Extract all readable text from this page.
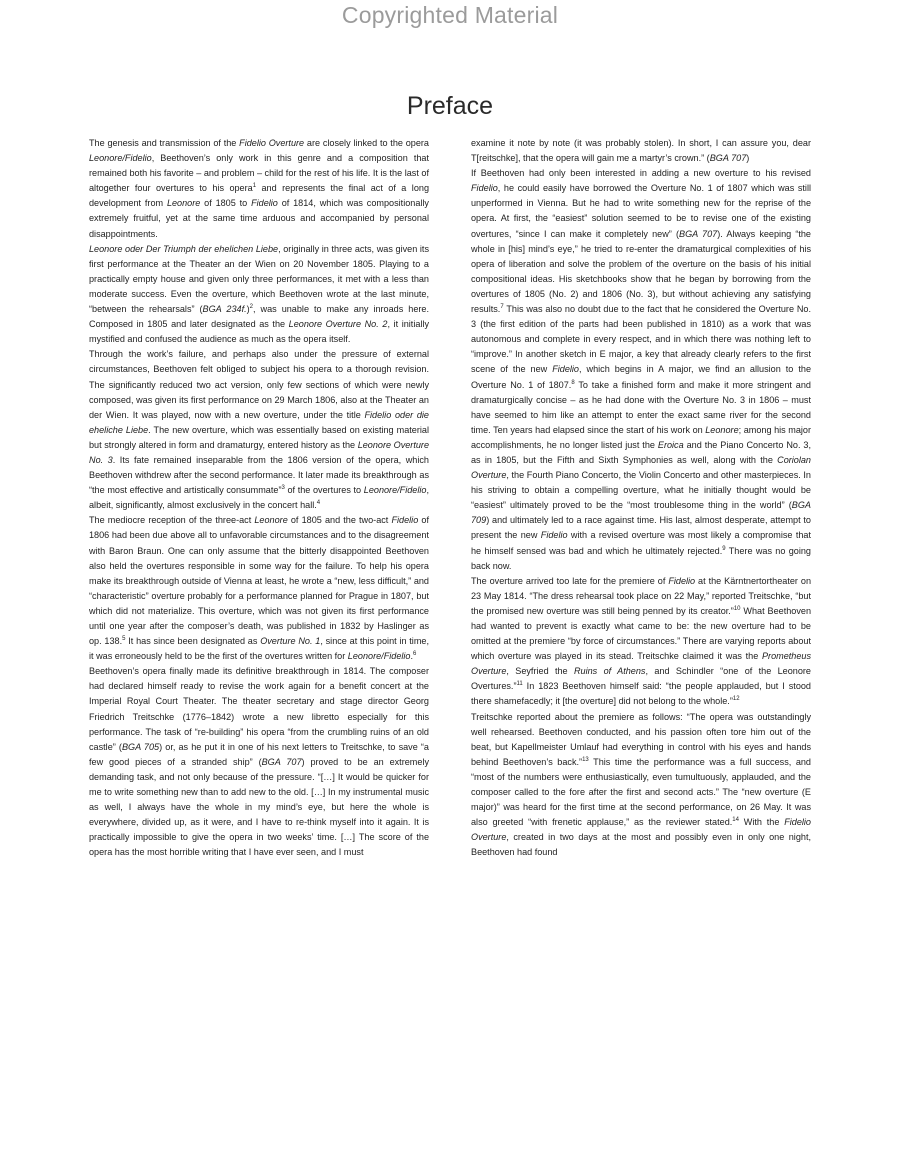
Copyrighted Material
Preface

The genesis and transmission of the Fidelio Overture are closely linked to the opera Leonore/Fidelio, Beethoven’s only work in this genre and a composition that remained both his favorite – and problem – child for the rest of his life. It is the last of altogether four overtures to his opera$^1$ and represents the final act of a long development from Leonore of 1805 to Fidelio of 1814, which was compositionally extremely fruitful, yet at the same time arduous and accompanied by personal disappointments.

Leonore oder Der Triumph der ehelichen Liebe, originally in three acts, was given its first performance at the Theater an der Wien on 20 November 1805. Playing to a practically empty house and given only three performances, it met with a less than moderate success. Even the overture, which Beethoven wrote at the last minute, “between the rehearsals” (BGA 234f.)$^2$, was unable to make any inroads here. Composed in 1805 and later designated as the Leonore Overture No. 2, it initially mystified and confused the audience as much as the opera itself.

Through the work’s failure, and perhaps also under the pressure of external circumstances, Beethoven felt obliged to subject his opera to a thorough revision. The significantly reduced two act version, only few sections of which were newly composed, was given its first performance on 29 March 1806, also at the Theater an der Wien. It was played, now with a new overture, under the title Fidelio oder die eheliche Liebe. The new overture, which was essentially based on existing material but strongly altered in form and dramaturgy, entered history as the Leonore Overture No. 3. Its fate remained inseparable from the 1806 version of the opera, which Beethoven withdrew after the second performance. It later made its breakthrough as “the most effective and artistically consummate”$^3$ of the overtures to Leonore/Fidelio, albeit, significantly, almost exclusively in the concert hall.$^4$

The mediocre reception of the three-act Leonore of 1805 and the two-act Fidelio of 1806 had been due above all to unfavorable circumstances and to the disagreement with Baron Braun. One can only assume that the bitterly disappointed Beethoven also held the overtures responsible in some way for the failure. To help his opera make its breakthrough outside of Vienna at least, he wrote a “new, less difficult,” and “characteristic” overture probably for a performance planned for Prague in 1807, but which did not materialize. This overture, which was not given its first performance until one year after the composer’s death, was published in 1832 by Haslinger as op. 138.$^5$ It has since been designated as Overture No. 1, since at this point in time, it was erroneously held to be the first of the overtures written for Leonore/Fidelio.$^6$

Beethoven’s opera finally made its definitive breakthrough in 1814. The composer had declared himself ready to revise the work again for a benefit concert at the Imperial Royal Court Theater. The theater secretary and stage director Georg Friedrich Treitschke (1776–1842) wrote a new libretto especially for this performance. The task of “re-building” his opera “from the crumbling ruins of an old castle” (BGA 705) or, as he put it in one of his next letters to Treitschke, to save “a few good pieces of a stranded ship” (BGA 707) proved to be an extremely demanding task, and not only because of the pressure. “[…] It would be quicker for me to write something new than to add new to the old. […] In my instrumental music as well, I always have the whole in my mind’s eye, but here the whole is everywhere, divided up, as it were, and I have to re-think myself into it again. It is practically impossible to give the opera in two weeks’ time. […] The score of the opera has the most horrible writing that I have ever seen, and I must

examine it note by note (it was probably stolen). In short, I can assure you, dear T[reitschke], that the opera will gain me a martyr’s crown.” (BGA 707)

If Beethoven had only been interested in adding a new overture to his revised Fidelio, he could easily have borrowed the Overture No. 1 of 1807 which was still unperformed in Vienna. But he had to write something new for the reprise of the opera. At first, the “easiest” solution seemed to be to revise one of the existing overtures, “since I can make it completely new” (BGA 707). Always keeping “the whole in [his] mind’s eye,” he tried to re-enter the dramaturgical complexities of his opera of liberation and solve the problem of the overture on the basis of his initial compositional ideas. His sketchbooks show that he began by borrowing from the overtures of 1805 (No. 2) and 1806 (No. 3), but without achieving any satisfying results.$^7$ This was also no doubt due to the fact that he considered the Overture No. 3 (the first edition of the parts had been published in 1810) as a work that was autonomous and complete in every respect, and in which there was nothing left to “improve.” In another sketch in E major, a key that already clearly refers to the first scene of the new Fidelio, which begins in A major, we find an allusion to the Overture No. 1 of 1807.$^8$ To take a finished form and make it more stringent and dramaturgically concise – as he had done with the Overture No. 3 in 1806 – must have seemed to him like an attempt to enter the exact same river for the second time. Ten years had elapsed since the start of his work on Leonore; among his major accomplishments, he no longer listed just the Eroica and the Piano Concerto No. 3, as in 1805, but the Fifth and Sixth Symphonies as well, along with the Coriolan Overture, the Fourth Piano Concerto, the Violin Concerto and other masterpieces. In his striving to obtain a compelling overture, what he initially thought would be “easiest” ultimately proved to be the “most troublesome thing in the world” (BGA 709) and ultimately led to a race against time. His last, almost desperate, attempt to present the new Fidelio with a revised overture was most likely a compromise that he himself sensed was bad and which he ultimately rejected.$^9$ There was no going back now.

The overture arrived too late for the premiere of Fidelio at the Kärntnertortheater on 23 May 1814. “The dress rehearsal took place on 22 May,” reported Treitschke, “but the promised new overture was still being penned by its creator.”$^{10}$ What Beethoven had wanted to prevent is exactly what came to be: the new overture had to be omitted at the premiere “by force of circumstances.” There are varying reports about which overture was played in its stead. Treitschke claimed it was the Prometheus Overture, Seyfried the Ruins of Athens, and Schindler “one of the Leonore Overtures.”$^{11}$ In 1823 Beethoven himself said: “the people applauded, but I stood there shamefacedly; it [the overture] did not belong to the whole.”$^{12}$

Treitschke reported about the premiere as follows: “The opera was outstandingly well rehearsed. Beethoven conducted, and his passion often tore him out of the beat, but Kapellmeister Umlauf had everything in control with his eyes and hands behind Beethoven’s back.”$^{13}$ This time the performance was a full success, and “most of the numbers were enthusiastically, even tumultuously, applauded, and the composer called to the fore after the first and second acts.” The “new overture (E major)” was heard for the first time at the second performance, on 26 May. It was also greeted “with frenetic applause,” as the reviewer stated.$^{14}$ With the Fidelio Overture, created in two days at the most and possibly even in only one night, Beethoven had found
